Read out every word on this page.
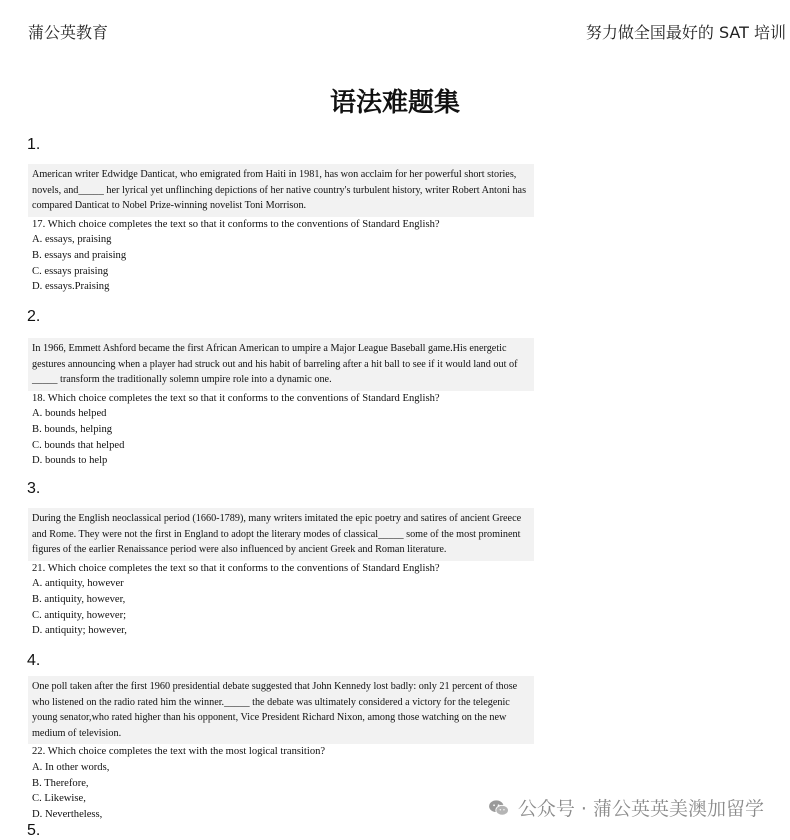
蒲公英教育	努力做全国最好的 SAT 培训
语法难题集
1.
American writer Edwidge Danticat, who emigrated from Haiti in 1981, has won acclaim for her powerful short stories, novels, and_____ her lyrical yet unflinching depictions of her native country's turbulent history, writer Robert Antoni has compared Danticat to Nobel Prize-winning novelist Toni Morrison.
17. Which choice completes the text so that it conforms to the conventions of Standard English?
A. essays, praising
B. essays and praising
C. essays praising
D. essays.Praising
2.
In 1966, Emmett Ashford became the first African American to umpire a Major League Baseball game.His energetic gestures announcing when a player had struck out and his habit of barreling after a hit ball to see if it would land out of _____ transform the traditionally solemn umpire role into a dynamic one.
18. Which choice completes the text so that it conforms to the conventions of Standard English?
A. bounds helped
B. bounds, helping
C. bounds that helped
D. bounds to help
3.
During the English neoclassical period (1660-1789), many writers imitated the epic poetry and satires of ancient Greece and Rome. They were not the first in England to adopt the literary modes of classical_____ some of the most prominent figures of the earlier Renaissance period were also influenced by ancient Greek and Roman literature.
21. Which choice completes the text so that it conforms to the conventions of Standard English?
A. antiquity, however
B. antiquity, however,
C. antiquity, however;
D. antiquity; however,
4.
One poll taken after the first 1960 presidential debate suggested that John Kennedy lost badly: only 21 percent of those who listened on the radio rated him the winner._____ the debate was ultimately considered a victory for the telegenic young senator,who rated higher than his opponent, Vice President Richard Nixon, among those watching on the new medium of television.
22. Which choice completes the text with the most logical transition?
A. In other words,
B. Therefore,
C. Likewise,
D. Nevertheless,
5.
公众号 · 蒲公英英美澳加留学
